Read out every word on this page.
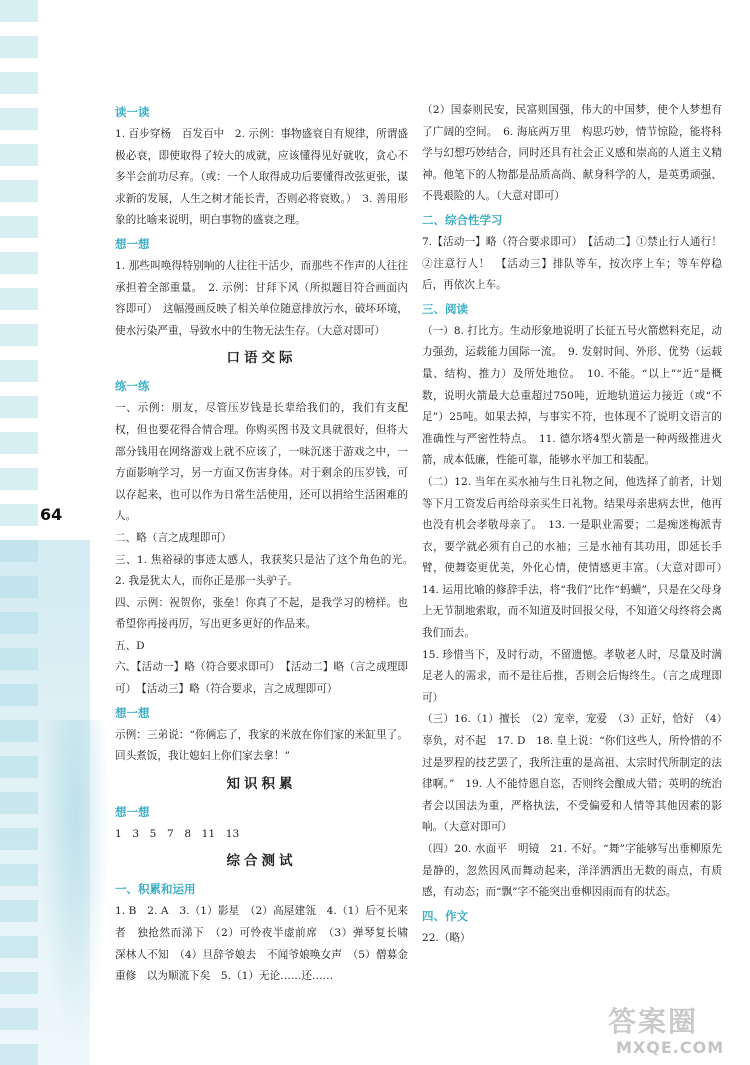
64
读一读
1. 百步穿杨　百发百中　2. 示例：事物盛衰自有规律，所谓盛极必衰，即使取得了较大的成就，应该懂得见好就收，贪心不多半会前功尽弃。（或：一个人取得成功后要懂得改弦更张，谋求新的发展，人生之树才能长青，否则必将衰败。）　3. 善用形象的比喻来说明，明白事物的盛衰之理。
想一想
1. 那些叫唤得特别响的人往往干活少，而那些不作声的人往往承担着全部重量。　2. 示例：甘拜下风（所拟题目符合画面内容即可）　这幅漫画反映了相关单位随意排放污水，破坏环境，使水污染严重，导致水中的生物无法生存。（大意对即可）
口语交际
练一练
一、示例：朋友，尽管压岁钱是长辈给我们的，我们有支配权，但也要花得合情合理。你购买图书及文具就很好，但将大部分钱用在网络游戏上就不应该了，一味沉迷于游戏之中，一方面影响学习，另一方面又伤害身体。对于剩余的压岁钱，可以存起来，也可以作为日常生活使用，还可以捐给生活困难的人。
二、略（言之成理即可）
三、1. 焦裕禄的事迹太感人，我获奖只是沾了这个角色的光。　2. 我是犹太人，而你正是那一头驴子。
四、示例：祝贺你，张垒！你真了不起，是我学习的榜样。也希望你再接再厉，写出更多更好的作品来。
五、D
六、【活动一】略（符合要求即可）　【活动二】略（言之成理即可）　【活动三】略（符合要求，言之成理即可）
想一想
示例：三弟说：“你俩忘了，我家的米放在你们家的米缸里了。回头煮饭，我让媳妇上你们家去拿！”
知识积累
想一想
1　3　5　7　8　11　13
综合测试
一、积累和运用
1. B　2. A　3.（1）影星　（2）高屋建瓴　4.（1）后不见来者　独抢然而涕下　（2）可怜夜半虚前席　（3）弹琴复长啸　深林人不知　（4）旦辞爷娘去　不闻爷娘唤女声　（5）僧募金重修　以为顺流下矣　5.（1）无论……还……
（2）国泰则民安，民富则国强，伟大的中国梦，使个人梦想有了广阔的空间。　6. 海底两万里　构思巧妙，情节惊险，能将科学与幻想巧妙结合，同时还具有社会正义感和崇高的人道主义精神。他笔下的人物都是品质高尚、献身科学的人，是英勇顽强、不畏艰险的人。（大意对即可）
二、综合性学习
7.【活动一】略（符合要求即可）　【活动二】①禁止行人通行！　②注意行人！　【活动三】排队等车，按次序上车；等车停稳后，再依次上车。
三、阅读
（一）8. 打比方。生动形象地说明了长征五号火箭燃料充足，动力强劲，运载能力国际一流。　9. 发射时间、外形、优势（运载量、结构、推力）及所处地位。　10. 不能。“以上”“近”是概数，说明火箭最大总重超过750吨，近地轨道运力接近（或“不足”）25吨。如果去掉，与事实不符，也体现不了说明文语言的准确性与严密性特点。　11. 德尔塔4型火箭是一种两级推进火箭，成本低廉，性能可靠，能够水平加工和装配。
（二）12. 当年在买水袖与生日礼物之间，他选择了前者，计划等下月工资发后再给母亲买生日礼物。结果母亲患病去世，他再也没有机会孝敬母亲了。　13. 一是职业需要；二是痴迷梅派青衣，要学就必须有自己的水袖；三是水袖有其功用，即延长手臂，使舞姿更优美，外化心情，使情感更丰富。（大意对即可）　14. 运用比喻的修辞手法，将“我们”比作“蚂蟥”，只是在父母身上无节制地索取，而不知道及时回报父母，不知道父母终将会离我们而去。
15. 珍惜当下，及时行动，不留遗憾。孝敬老人时，尽量及时满足老人的需求，而不是往后推，否则会后悔终生。（言之成理即可）
（三）16.（1）擅长　（2）宠幸，宠爱　（3）正好，恰好　（4）辜负，对不起　17. D　18. 皇上说：“你们这些人，所怜惜的不过是罗程的技艺罢了，我所注重的是高祖、太宗时代所制定的法律啊。”　19. 人不能恃恩自恣，否则终会酿成大错；英明的统治者会以国法为重，严格执法，不受偏爱和人情等其他因素的影响。（大意对即可）
（四）20. 水面平　明镜　21. 不好。“舞”字能够写出垂柳原先是静的，忽然因风而舞动起来，洋洋洒洒出无数的雨点，有质感，有动态；而“飘”字不能突出垂柳因雨而有的状态。
四、作文
22.（略）
答案圈
MXQE.COM
